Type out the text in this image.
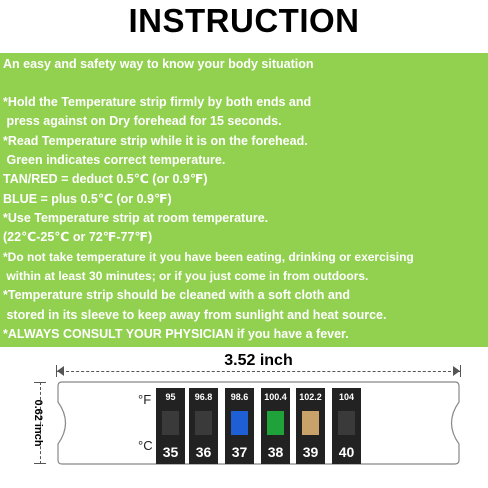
INSTRUCTION
An easy and safety way to know your body situation
*Hold the Temperature strip firmly by both ends and
press against on Dry forehead for 15 seconds.
*Read Temperature strip while it is on the forehead.
Green indicates correct temperature.
TAN/RED = deduct 0.5℃ (or 0.9℉)
BLUE = plus 0.5℃ (or 0.9℉)
*Use Temperature strip at room temperature.
(22℃-25℃ or 72℉-77℉)
*Do not take temperature it you have been eating, drinking or exercising
within at least 30 minutes; or if you just come in from outdoors.
*Temperature strip should be cleaned with a soft cloth and
stored in its sleeve to keep away from sunlight and heat source.
*ALWAYS CONSULT YOUR PHYSICIAN if you have a fever.
3.52 inch
0.62 inch	°F
°C
95
35
96.8
36
98.6
37
100.4
38
102.2
39
104
40
